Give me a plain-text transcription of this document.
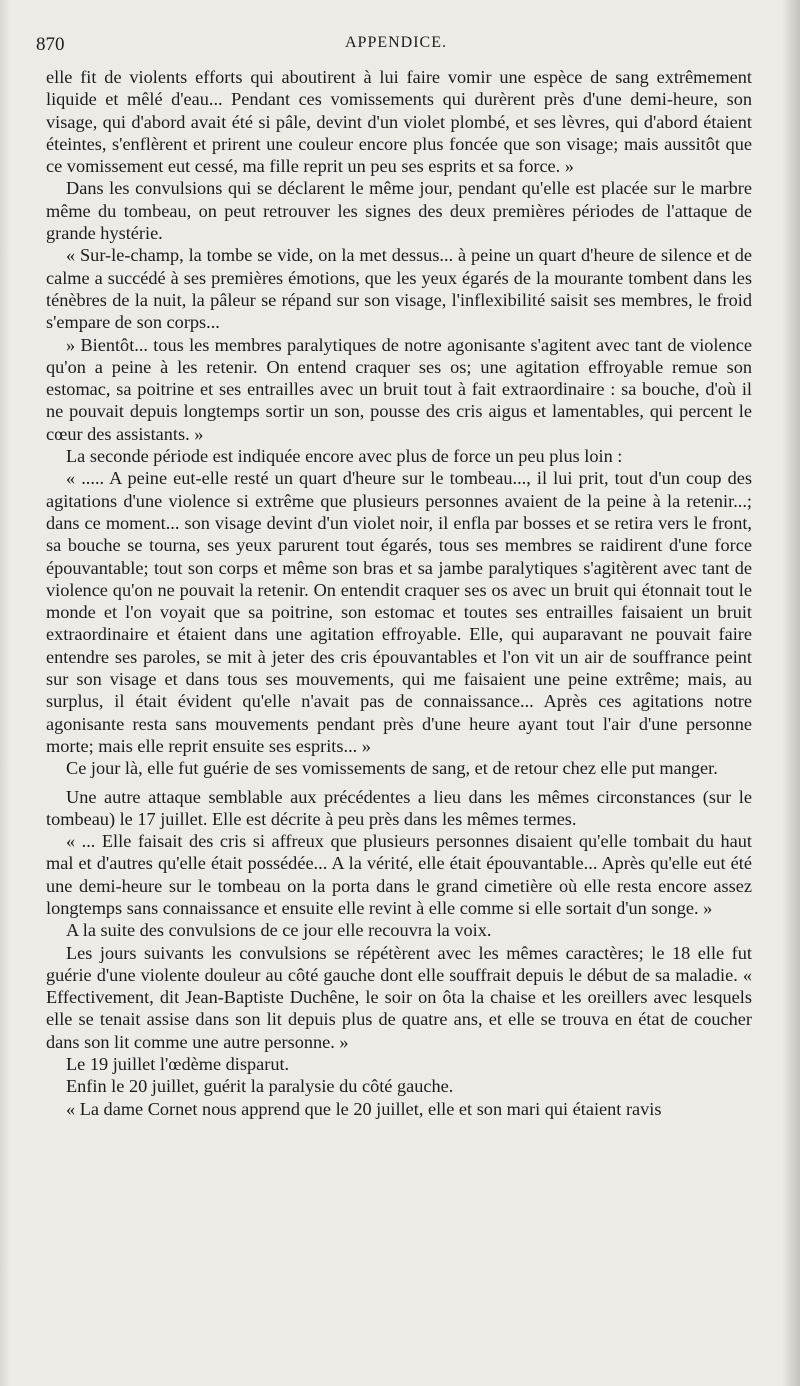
870	APPENDICE.

elle fit de violents efforts qui aboutirent à lui faire vomir une espèce de sang extrêmement liquide et mêlé d'eau... Pendant ces vomissements qui durèrent près d'une demi-heure, son visage, qui d'abord avait été si pâle, devint d'un violet plombé, et ses lèvres, qui d'abord étaient éteintes, s'enflèrent et prirent une couleur encore plus foncée que son visage; mais aussitôt que ce vomissement eut cessé, ma fille reprit un peu ses esprits et sa force. »

Dans les convulsions qui se déclarent le même jour, pendant qu'elle est placée sur le marbre même du tombeau, on peut retrouver les signes des deux premières périodes de l'attaque de grande hystérie.

« Sur-le-champ, la tombe se vide, on la met dessus... à peine un quart d'heure de silence et de calme a succédé à ses premières émotions, que les yeux égarés de la mourante tombent dans les ténèbres de la nuit, la pâleur se répand sur son visage, l'inflexibilité saisit ses membres, le froid s'empare de son corps...

» Bientôt... tous les membres paralytiques de notre agonisante s'agitent avec tant de violence qu'on a peine à les retenir. On entend craquer ses os; une agitation effroyable remue son estomac, sa poitrine et ses entrailles avec un bruit tout à fait extraordinaire : sa bouche, d'où il ne pouvait depuis longtemps sortir un son, pousse des cris aigus et lamentables, qui percent le cœur des assistants. »

La seconde période est indiquée encore avec plus de force un peu plus loin :

« ..... A peine eut-elle resté un quart d'heure sur le tombeau..., il lui prit, tout d'un coup des agitations d'une violence si extrême que plusieurs personnes avaient de la peine à la retenir...; dans ce moment... son visage devint d'un violet noir, il enfla par bosses et se retira vers le front, sa bouche se tourna, ses yeux parurent tout égarés, tous ses membres se raidirent d'une force épouvantable; tout son corps et même son bras et sa jambe paralytiques s'agitèrent avec tant de violence qu'on ne pouvait la retenir. On entendit craquer ses os avec un bruit qui étonnait tout le monde et l'on voyait que sa poitrine, son estomac et toutes ses entrailles faisaient un bruit extraordinaire et étaient dans une agitation effroyable. Elle, qui auparavant ne pouvait faire entendre ses paroles, se mit à jeter des cris épouvantables et l'on vit un air de souffrance peint sur son visage et dans tous ses mouvements, qui me faisaient une peine extrême; mais, au surplus, il était évident qu'elle n'avait pas de connaissance... Après ces agitations notre agonisante resta sans mouvements pendant près d'une heure ayant tout l'air d'une personne morte; mais elle reprit ensuite ses esprits... »

Ce jour là, elle fut guérie de ses vomissements de sang, et de retour chez elle put manger.

Une autre attaque semblable aux précédentes a lieu dans les mêmes circonstances (sur le tombeau) le 17 juillet. Elle est décrite à peu près dans les mêmes termes.

« ... Elle faisait des cris si affreux que plusieurs personnes disaient qu'elle tombait du haut mal et d'autres qu'elle était possédée... A la vérité, elle était épouvantable... Après qu'elle eut été une demi-heure sur le tombeau on la porta dans le grand cimetière où elle resta encore assez longtemps sans connaissance et ensuite elle revint à elle comme si elle sortait d'un songe. »

A la suite des convulsions de ce jour elle recouvra la voix.

Les jours suivants les convulsions se répétèrent avec les mêmes caractères; le 18 elle fut guérie d'une violente douleur au côté gauche dont elle souffrait depuis le début de sa maladie. « Effectivement, dit Jean-Baptiste Duchêne, le soir on ôta la chaise et les oreillers avec lesquels elle se tenait assise dans son lit depuis plus de quatre ans, et elle se trouva en état de coucher dans son lit comme une autre personne. »

Le 19 juillet l'œdème disparut.

Enfin le 20 juillet, guérit la paralysie du côté gauche.

« La dame Cornet nous apprend que le 20 juillet, elle et son mari qui étaient ravis
